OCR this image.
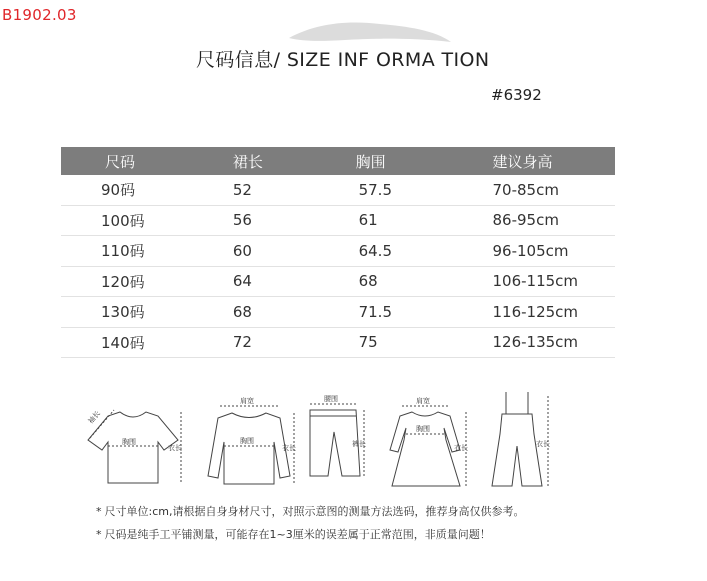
B1902.03
尺码信息/ SIZE INF ORMA TION
#6392
尺码	裙长	胸围	建议身高
90码	52	57.5	70-85cm
100码	56	61	86-95cm
110码	60	64.5	96-105cm
120码	64	68	106-115cm
130码	68	71.5	116-125cm
140码	72	75	126-135cm
袖长
胸围
衣长
肩宽
胸围
衣长
腰围
裤长
肩宽
胸围
衣长	衣长
* 尺寸单位:cm,请根据自身身材尺寸，对照示意图的测量方法选码，推荐身高仅供参考。
* 尺码是纯手工平铺测量，可能存在1~3厘米的误差属于正常范围，非质量问题！
